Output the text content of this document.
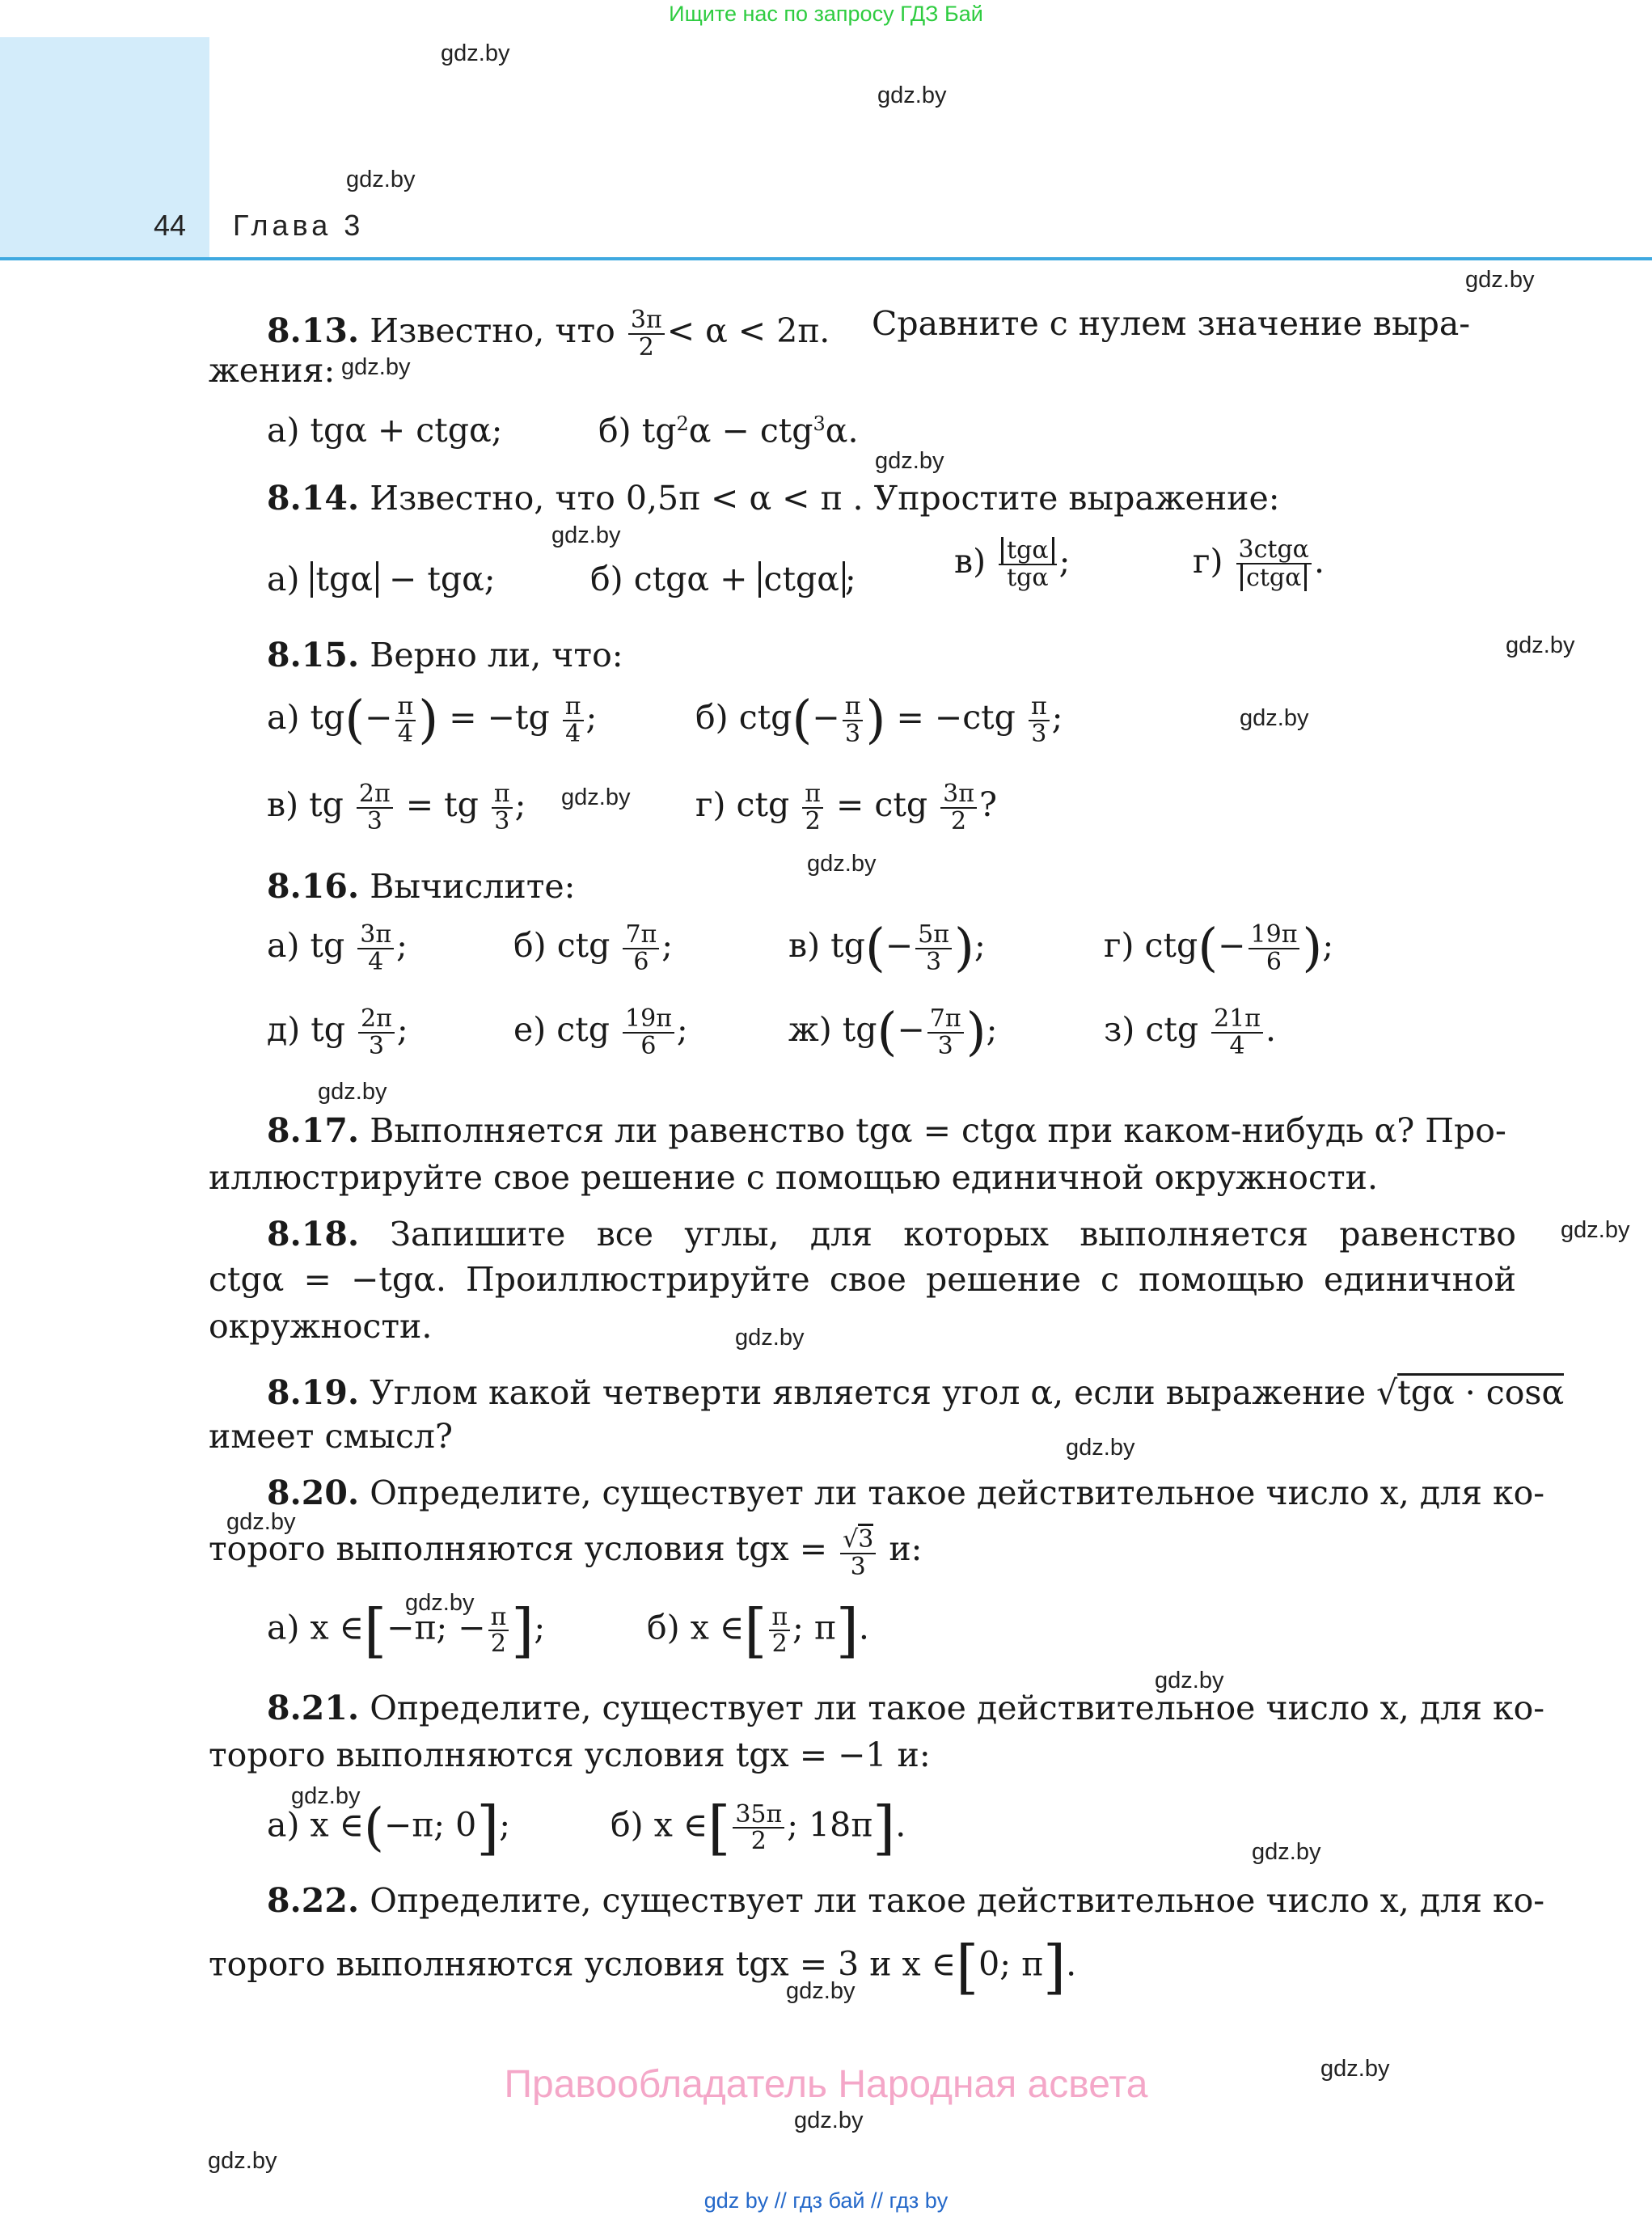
Ищите нас по запросу ГДЗ Бай
44 Глава 3
gdz.by
gdz.by
gdz.by
gdz.by
gdz.by
gdz.by
gdz.by
gdz.by
gdz.by
gdz.by
gdz.by
gdz.by
gdz.by
gdz.by
gdz.by
gdz.by
gdz.by
gdz.by
gdz.by
gdz.by
gdz.by
gdz.by
gdz.by
gdz.by
8.13. Известно, что $\frac{3\pi}{2} < \alpha < 2\pi$. Сравните с нулем значение выра-
жения:
а) tgα + ctgα;	б) $tg^2\alpha - ctg^3\alpha$.
8.14. Известно, что 0,5π < α < π . Упростите выражение:
а) tgα − tgα;	б) ctgα + ctgα ;	в) tgα
tgα ;	г) 3ctgα
ctgα .
8.15. Верно ли, что:
а) $tg(- \frac{\pi}{4}$ ) = $-tg \frac{\pi}{4}$ ;	б) $ctg(- \frac{\pi}{3}$ ) = $-ctg \frac{\pi}{3}$ ;
в) tg $\frac{2\pi}{3}$ = tg $\frac{\pi}{3}$ ;	г) ctg $\frac{\pi}{2}$ = ctg $\frac{3\pi}{2}$ ?
8.16. Вычислите:
а) tg $\frac{3\pi}{4}$ ;	б) ctg $\frac{7\pi}{6}$ ;	в) $tg(- \frac{5\pi}{3}$ );	г) $ctg(- \frac{19\pi}{6}$ );
д) tg $\frac{2\pi}{3}$ ;	е) ctg $\frac{19\pi}{6}$ ;	ж) $tg(- \frac{7\pi}{3}$ );	з) ctg $\frac{21\pi}{4}$ .
8.17. Выполняется ли равенство tgα = ctgα при каком-нибудь α? Про-
иллюстрируйте свое решение с помощью единичной окружности.
8.18. Запишите все углы, для которых выполняется равенство
ctgα = −tgα. Проиллюстрируйте свое решение с помощью единичной
окружности.
8.19. Углом какой четверти является угол α, если выражение √tgα · cosα
имеет смысл?
8.20. Определите, существует ли такое действительное число x, для ко-
торого выполняются условия tgx = $\frac{√3}{3} и$:
а) x ∈[−π; − $\frac{\pi}{2}$ ];	б) x ∈[ $\frac{\pi}{2}$ ; π].
8.21. Определите, существует ли такое действительное число x, для ко-
торого выполняются условия tgx = −1 и:
а) x ∈(−π; 0];	б) x ∈[ $\frac{35\pi}{2}$ ; 18π].
8.22. Определите, существует ли такое действительное число x, для ко-
торого выполняются условия tgx = 3 и x ∈[0; π].
Правообладатель Народная асвета
gdz by // гдз бай // гдз by
